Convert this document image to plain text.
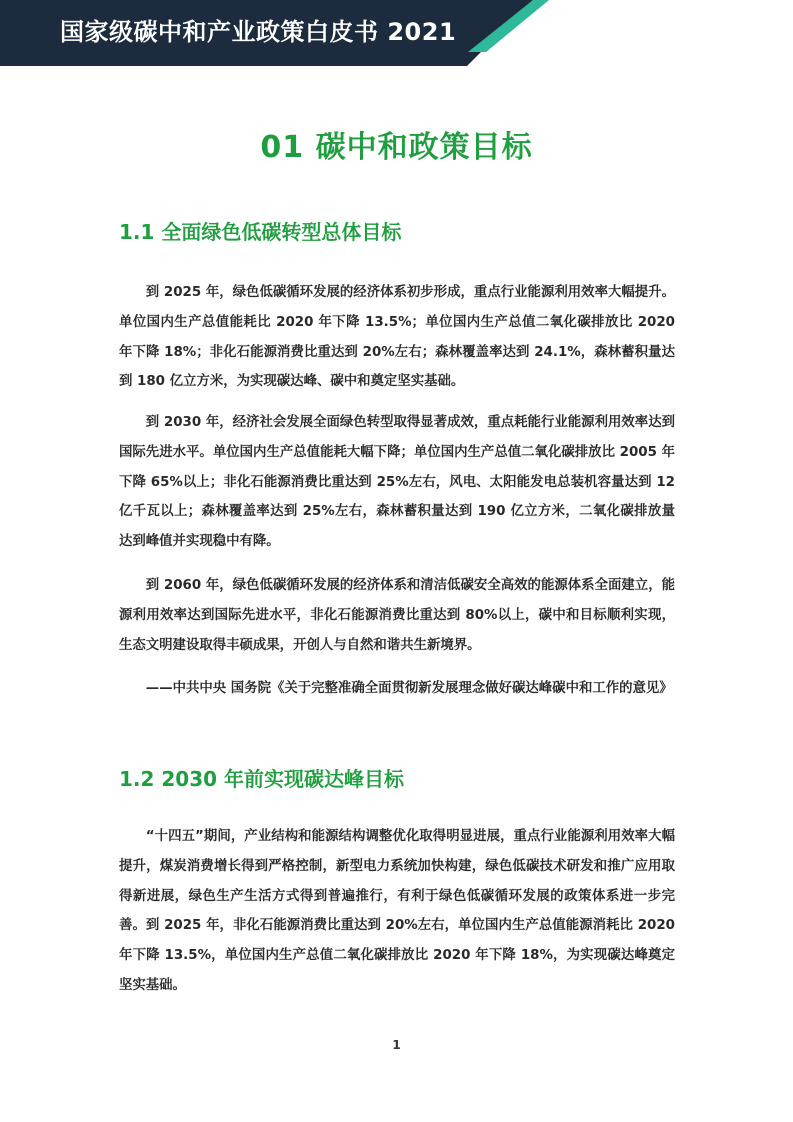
国家级碳中和产业政策白皮书 2021
01 碳中和政策目标
1.1 全面绿色低碳转型总体目标

到 2025 年，绿色低碳循环发展的经济体系初步形成，重点行业能源利用效率大幅提升。单位国内生产总值能耗比 2020 年下降 13.5%；单位国内生产总值二氧化碳排放比 2020 年下降 18%；非化石能源消费比重达到 20%左右；森林覆盖率达到 24.1%，森林蓄积量达到 180 亿立方米，为实现碳达峰、碳中和奠定坚实基础。

到 2030 年，经济社会发展全面绿色转型取得显著成效，重点耗能行业能源利用效率达到国际先进水平。单位国内生产总值能耗大幅下降；单位国内生产总值二氧化碳排放比 2005 年下降 65%以上；非化石能源消费比重达到 25%左右，风电、太阳能发电总装机容量达到 12 亿千瓦以上；森林覆盖率达到 25%左右，森林蓄积量达到 190 亿立方米，二氧化碳排放量达到峰值并实现稳中有降。

到 2060 年，绿色低碳循环发展的经济体系和清洁低碳安全高效的能源体系全面建立，能源利用效率达到国际先进水平，非化石能源消费比重达到 80%以上，碳中和目标顺利实现，生态文明建设取得丰硕成果，开创人与自然和谐共生新境界。

——中共中央 国务院《关于完整准确全面贯彻新发展理念做好碳达峰碳中和工作的意见》

1.2 2030 年前实现碳达峰目标

“十四五”期间，产业结构和能源结构调整优化取得明显进展，重点行业能源利用效率大幅提升，煤炭消费增长得到严格控制，新型电力系统加快构建，绿色低碳技术研发和推广应用取得新进展，绿色生产生活方式得到普遍推行，有利于绿色低碳循环发展的政策体系进一步完善。到 2025 年，非化石能源消费比重达到 20%左右，单位国内生产总值能源消耗比 2020 年下降 13.5%，单位国内生产总值二氧化碳排放比 2020 年下降 18%，为实现碳达峰奠定坚实基础。

1
